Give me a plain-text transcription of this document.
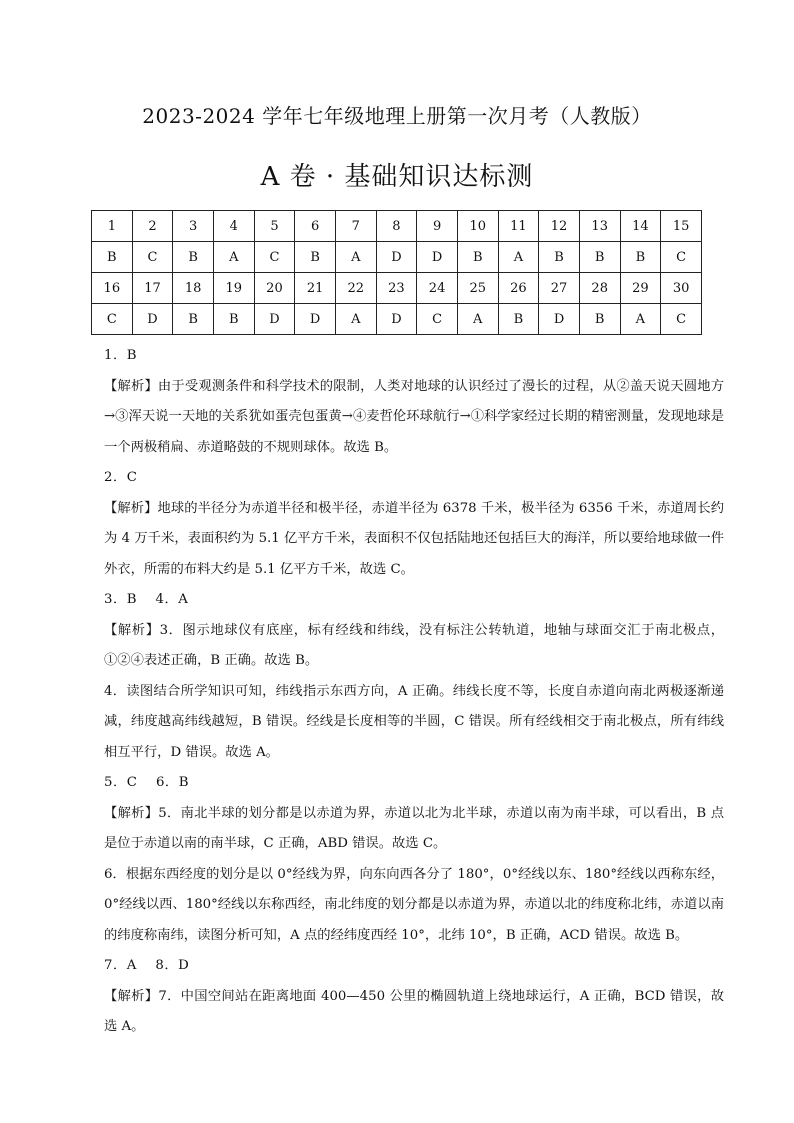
2023-2024 学年七年级地理上册第一次月考（人教版）
A 卷 · 基础知识达标测
1	2	3	4	5	6	7	8	9	10	11	12	13	14	15
B	C	B	A	C	B	A	D	D	B	A	B	B	B	C
16	17	18	19	20	21	22	23	24	25	26	27	28	29	30
C	D	B	B	D	D	A	D	C	A	B	D	B	A	C

1．B

【解析】由于受观测条件和科学技术的限制，人类对地球的认识经过了漫长的过程，从②盖天说天圆地方→③浑天说一天地的关系犹如蛋壳包蛋黄→④麦哲伦环球航行→①科学家经过长期的精密测量，发现地球是一个两极稍扁、赤道略鼓的不规则球体。故选 B。

2．C

【解析】地球的半径分为赤道半径和极半径，赤道半径为 6378 千米，极半径为 6356 千米，赤道周长约为 4 万千米，表面积约为 5.1 亿平方千米，表面积不仅包括陆地还包括巨大的海洋，所以要给地球做一件外衣，所需的布料大约是 5.1 亿平方千米，故选 C。

3．B　 4．A

【解析】3．图示地球仪有底座，标有经线和纬线，没有标注公转轨道，地轴与球面交汇于南北极点，①②④表述正确，B 正确。故选 B。

4．读图结合所学知识可知，纬线指示东西方向，A 正确。纬线长度不等，长度自赤道向南北两极逐渐递减，纬度越高纬线越短，B 错误。经线是长度相等的半圆，C 错误。所有经线相交于南北极点，所有纬线相互平行，D 错误。故选 A。

5．C　 6．B

【解析】5．南北半球的划分都是以赤道为界，赤道以北为北半球，赤道以南为南半球，可以看出，B 点是位于赤道以南的南半球，C 正确，ABD 错误。故选 C。

6．根据东西经度的划分是以 0°经线为界，向东向西各分了 180°，0°经线以东、180°经线以西称东经，0°经线以西、180°经线以东称西经，南北纬度的划分都是以赤道为界，赤道以北的纬度称北纬，赤道以南的纬度称南纬，读图分析可知，A 点的经纬度西经 10°，北纬 10°，B 正确，ACD 错误。故选 B。

7．A　 8．D

【解析】7．中国空间站在距离地面 400—450 公里的椭圆轨道上绕地球运行，A 正确，BCD 错误，故选 A。
